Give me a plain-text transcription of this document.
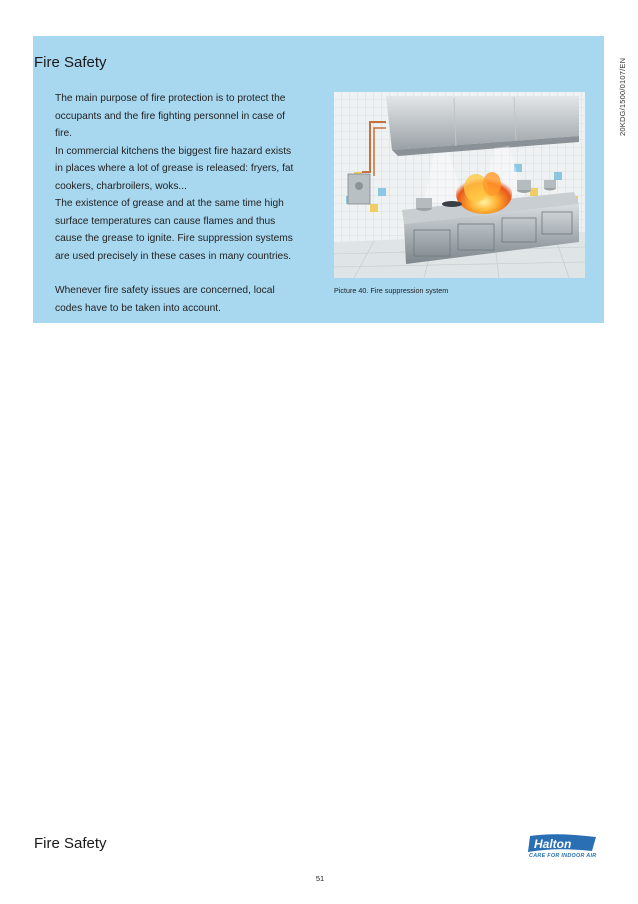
20KDG/1500/0107/EN
Fire Safety

The main purpose of fire protection is to protect the

occupants and the fire fighting personnel in case of

fire.

In commercial kitchens the biggest fire hazard exists

in places where a lot of grease is released: fryers, fat

cookers, charbroilers, woks...

The existence of grease and at the same time high

surface temperatures can cause flames and thus

cause the grease to ignite. Fire suppression systems

are used precisely in these cases in many countries.

Whenever fire safety issues are concerned, local

codes have to be taken into account.

Picture 40. Fire suppression system
Fire Safety	Halton
CARE FOR INDOOR AIR
51
